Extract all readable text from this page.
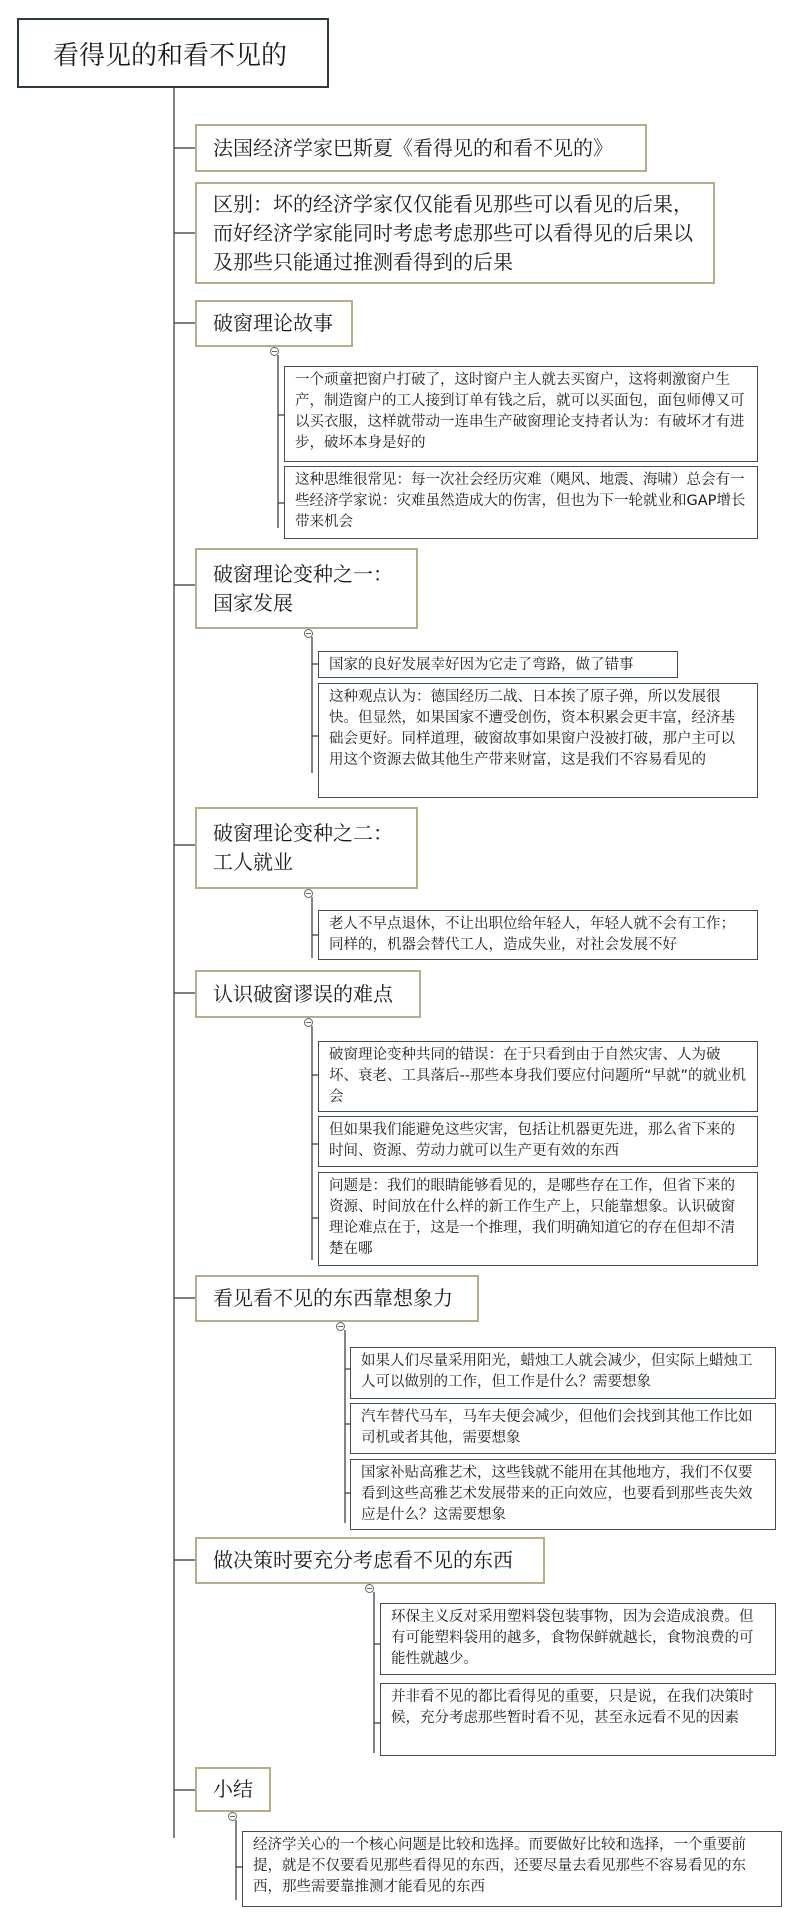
看得见的和看不见的
法国经济学家巴斯夏《看得见的和看不见的》
区别：坏的经济学家仅仅能看见那些可以看见的后果，而好经济学家能同时考虑考虑那些可以看得见的后果以及那些只能通过推测看得到的后果
破窗理论故事
破窗理论变种之一：国家发展
破窗理论变种之二：工人就业
认识破窗谬误的难点
看见看不见的东西靠想象力
做决策时要充分考虑看不见的东西
小结
一个顽童把窗户打破了，这时窗户主人就去买窗户，这将刺激窗户生产，制造窗户的工人接到订单有钱之后，就可以买面包，面包师傅又可以买衣服，这样就带动一连串生产破窗理论支持者认为：有破坏才有进步，破坏本身是好的
这种思维很常见：每一次社会经历灾难（飓风、地震、海啸）总会有一些经济学家说：灾难虽然造成大的伤害，但也为下一轮就业和GAP增长带来机会
国家的良好发展幸好因为它走了弯路，做了错事
这种观点认为：德国经历二战、日本挨了原子弹，所以发展很快。但显然，如果国家不遭受创伤，资本积累会更丰富，经济基础会更好。同样道理，破窗故事如果窗户没被打破，那户主可以用这个资源去做其他生产带来财富，这是我们不容易看见的
老人不早点退休，不让出职位给年轻人，年轻人就不会有工作；同样的，机器会替代工人，造成失业，对社会发展不好
破窗理论变种共同的错误：在于只看到由于自然灾害、人为破坏、衰老、工具落后--那些本身我们要应付问题所“早就”的就业机会
但如果我们能避免这些灾害，包括让机器更先进，那么省下来的时间、资源、劳动力就可以生产更有效的东西
问题是：我们的眼睛能够看见的，是哪些存在工作，但省下来的资源、时间放在什么样的新工作生产上，只能靠想象。认识破窗理论难点在于，这是一个推理，我们明确知道它的存在但却不清楚在哪
如果人们尽量采用阳光，蜡烛工人就会减少，但实际上蜡烛工人可以做别的工作，但工作是什么？需要想象
汽车替代马车，马车夫便会减少，但他们会找到其他工作比如司机或者其他，需要想象
国家补贴高雅艺术，这些钱就不能用在其他地方，我们不仅要看到这些高雅艺术发展带来的正向效应，也要看到那些丧失效应是什么？这需要想象
环保主义反对采用塑料袋包装事物，因为会造成浪费。但有可能塑料袋用的越多，食物保鲜就越长，食物浪费的可能性就越少。
并非看不见的都比看得见的重要，只是说，在我们决策时候，充分考虑那些暂时看不见，甚至永远看不见的因素
经济学关心的一个核心问题是比较和选择。而要做好比较和选择，一个重要前提，就是不仅要看见那些看得见的东西，还要尽量去看见那些不容易看见的东西，那些需要靠推测才能看见的东西
